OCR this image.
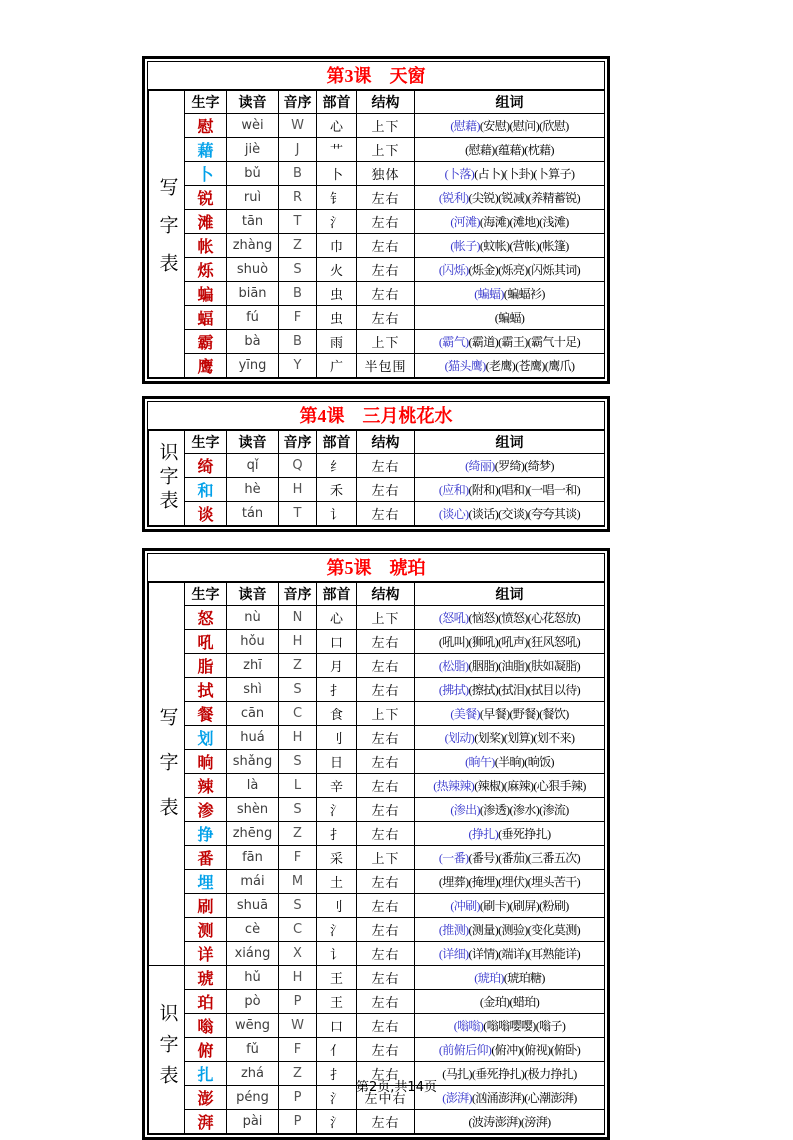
第3课　天窗
写字表	生字	读音	音序	部首	结构	组词
	慰	wèi	W	心	上下	(慰藉)(安慰)(慰问)(欣慰)
	藉	jiè	J	艹	上下	(慰藉)(蕴藉)(枕藉)
	卜	bǔ	B	卜	独体	(卜落)(占卜)(卜卦)(卜算子)
	锐	ruì	R	钅	左右	(锐利)(尖锐)(锐减)(养精蓄锐)
	滩	tān	T	氵	左右	(河滩)(海滩)(滩地)(浅滩)
	帐	zhàng	Z	巾	左右	(帐子)(蚊帐)(营帐)(帐篷)
	烁	shuò	S	火	左右	(闪烁)(烁金)(烁亮)(闪烁其词)
	蝙	biān	B	虫	左右	(蝙蝠)(蝙蝠衫)
	蝠	fú	F	虫	左右	(蝙蝠)
	霸	bà	B	雨	上下	(霸气)(霸道)(霸王)(霸气十足)
	鹰	yīng	Y	广	半包围	(猫头鹰)(老鹰)(苍鹰)(鹰爪)
第4课　三月桃花水
识字表	生字	读音	音序	部首	结构	组词
	绮	qǐ	Q	纟	左右	(绮丽)(罗绮)(绮梦)
	和	hè	H	禾	左右	(应和)(附和)(唱和)(一唱一和)
	谈	tán	T	讠	左右	(谈心)(谈话)(交谈)(夸夸其谈)
第5课　琥珀
写字表	生字	读音	音序	部首	结构	组词
	怒	nù	N	心	上下	(怒吼)(恼怒)(愤怒)(心花怒放)
	吼	hǒu	H	口	左右	(吼叫)(狮吼)(吼声)(狂风怒吼)
	脂	zhī	Z	月	左右	(松脂)(胭脂)(油脂)(肤如凝脂)
	拭	shì	S	扌	左右	(拂拭)(擦拭)(拭泪)(拭目以待)
	餐	cān	C	食	上下	(美餐)(早餐)(野餐)(餐饮)
	划	huá	H	刂	左右	(划动)(划桨)(划算)(划不来)
	晌	shǎng	S	日	左右	(晌午)(半晌)(晌饭)
	辣	là	L	辛	左右	(热辣辣)(辣椒)(麻辣)(心狠手辣)
	渗	shèn	S	氵	左右	(渗出)(渗透)(渗水)(渗流)
	挣	zhēng	Z	扌	左右	(挣扎)(垂死挣扎)
	番	fān	F	采	上下	(一番)(番号)(番茄)(三番五次)
	埋	mái	M	土	左右	(埋葬)(掩埋)(埋伏)(埋头苦干)
	刷	shuā	S	刂	左右	(冲刷)(刷卡)(刷屏)(粉刷)
	测	cè	C	氵	左右	(推测)(测量)(测验)(变化莫测)
	详	xiáng	X	讠	左右	(详细)(详情)(端详)(耳熟能详)
识字表	琥	hǔ	H	王	左右	(琥珀)(琥珀糖)
	珀	pò	P	王	左右	(金珀)(蜡珀)
	嗡	wēng	W	口	左右	(嗡嗡)(嗡嗡嘤嘤)(嗡子)
	俯	fǔ	F	亻	左右	(前俯后仰)(俯冲)(俯视)(俯卧)
	扎	zhá	Z	扌	左右	(马扎)(垂死挣扎)(极力挣扎)
	澎	péng	P	氵	左中右	(澎湃)(汹涌澎湃)(心潮澎湃)
	湃	pài	P	氵	左右	(波涛澎湃)(滂湃)
第2页,共14页
